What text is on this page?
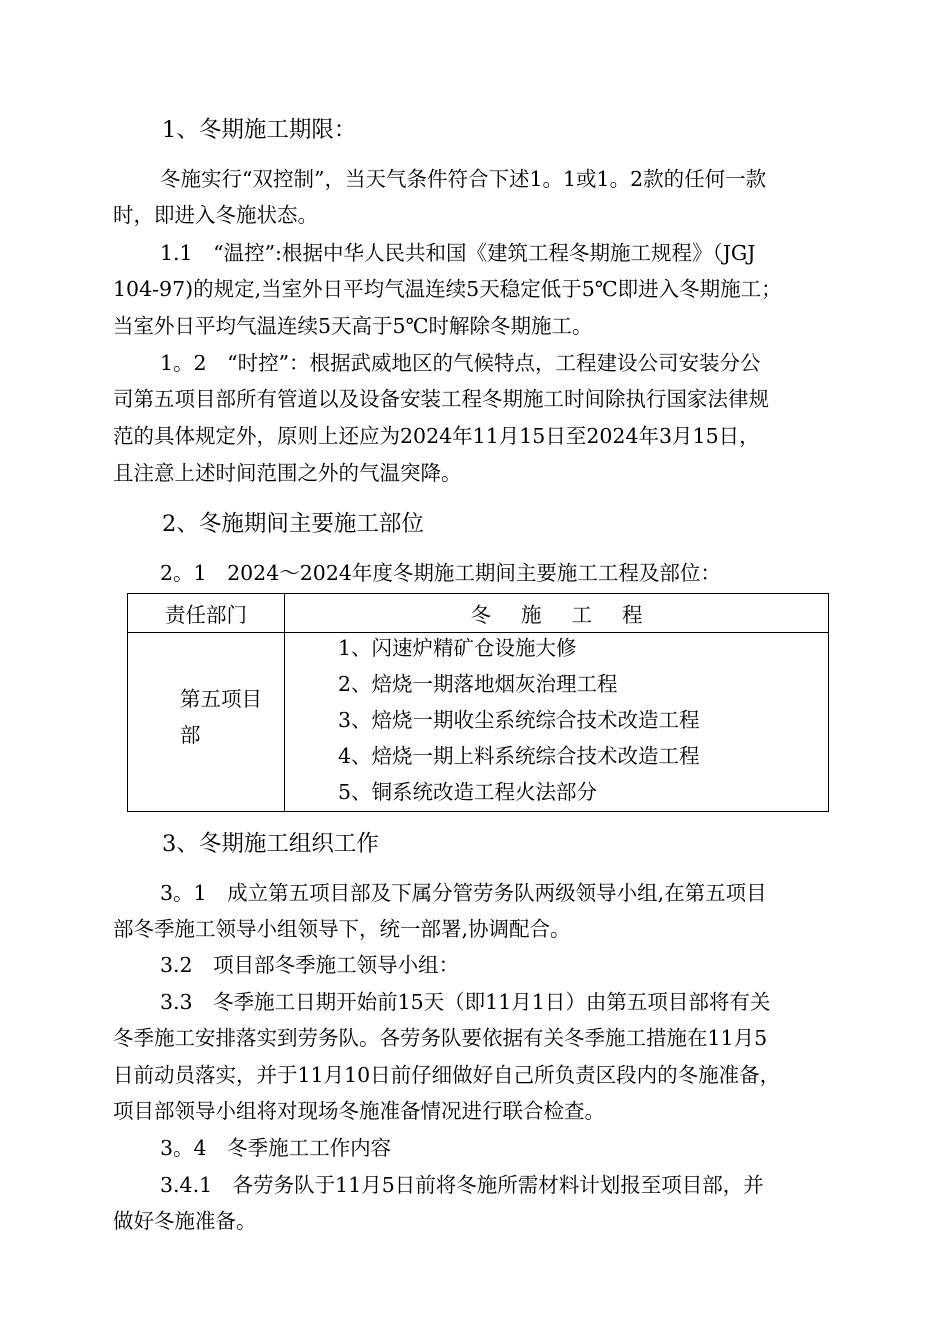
1、冬期施工期限：
冬施实行“双控制”，当天气条件符合下述1。1或1。2款的任何一款
时，即进入冬施状态。
1.1　“温控”:根据中华人民共和国《建筑工程冬期施工规程》（JGJ
104-97)的规定,当室外日平均气温连续5天稳定低于5℃即进入冬期施工；
当室外日平均气温连续5天高于5℃时解除冬期施工。
1。2　“时控”：根据武威地区的气候特点，工程建设公司安装分公
司第五项目部所有管道以及设备安装工程冬期施工时间除执行国家法律规
范的具体规定外，原则上还应为2024年11月15日至2024年3月15日，
且注意上述时间范围之外的气温突降。
2、冬施期间主要施工部位
2。1　2024～2024年度冬期施工期间主要施工工程及部位：
责任部门	冬施工程

第五项目部	1、闪速炉精矿仓设施大修
2、焙烧一期落地烟灰治理工程
3、焙烧一期收尘系统综合技术改造工程
4、焙烧一期上料系统综合技术改造工程
5、铜系统改造工程火法部分
3、冬期施工组织工作
3。1　成立第五项目部及下属分管劳务队两级领导小组,在第五项目
部冬季施工领导小组领导下，统一部署,协调配合。
3.2　项目部冬季施工领导小组：
3.3　冬季施工日期开始前15天（即11月1日）由第五项目部将有关
冬季施工安排落实到劳务队。各劳务队要依据有关冬季施工措施在11月5
日前动员落实，并于11月10日前仔细做好自己所负责区段内的冬施准备，
项目部领导小组将对现场冬施准备情况进行联合检查。
3。4　冬季施工工作内容
3.4.1　各劳务队于11月5日前将冬施所需材料计划报至项目部，并
做好冬施准备。
